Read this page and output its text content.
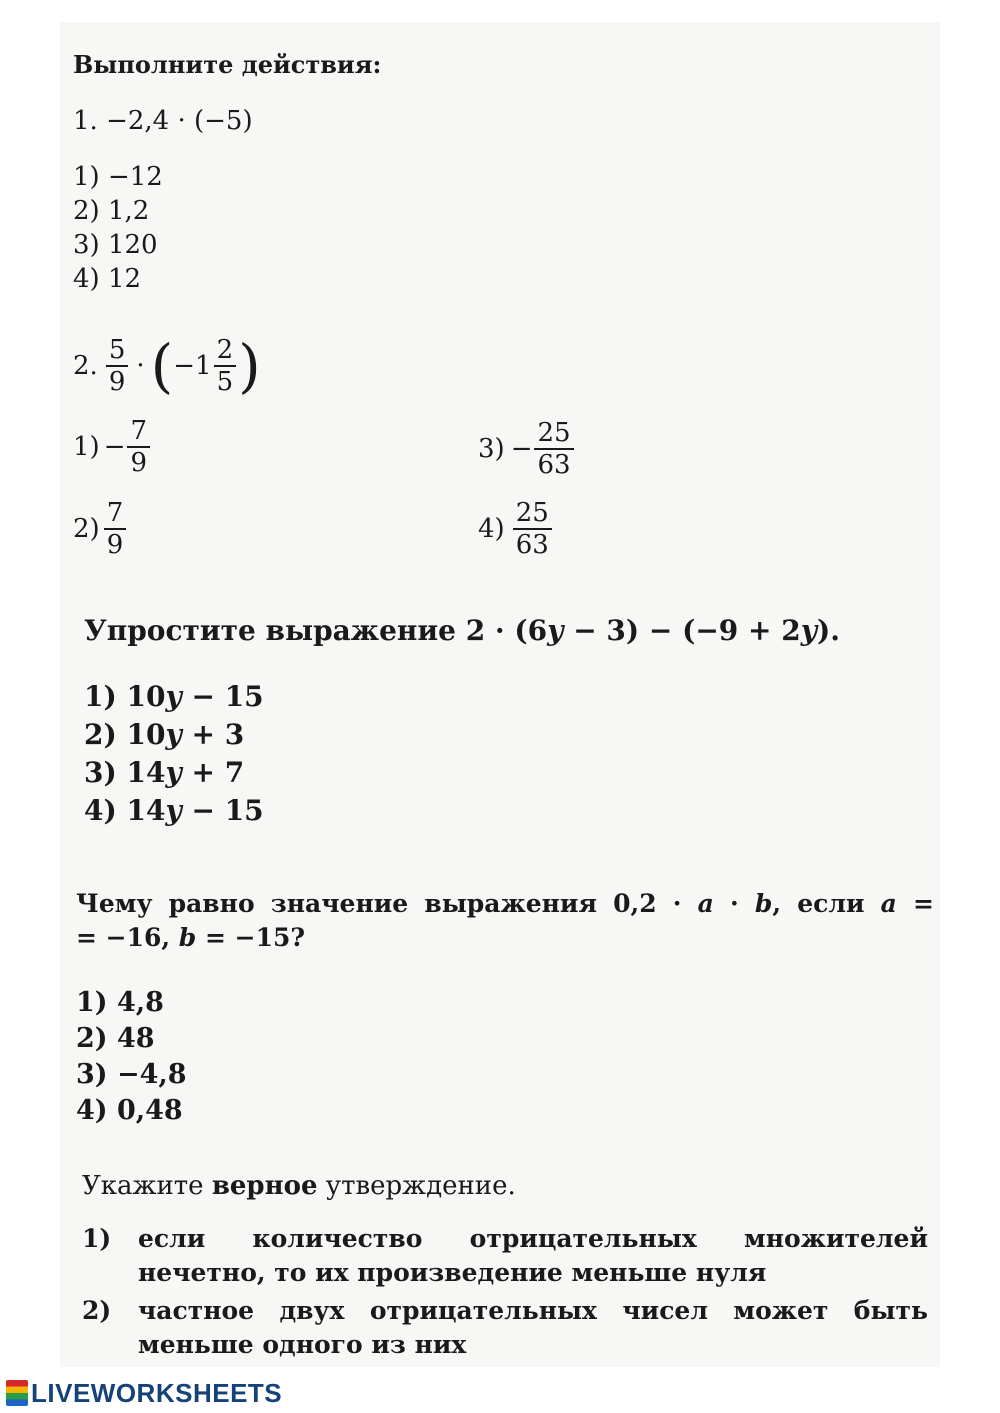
Выполните действия:
1. −2,4 · (−5)
1) −12
2) 1,2
3) 120
4) 12
2. $\frac{5}{9}$ · ( $-1 \frac{2}{5}$ )
$1) - \frac{7}{9}$
$2) \frac{7}{9}$
$3) - \frac{25}{63}$
$4) \frac{25}{63}$
Упростите выражение 2 · (6y − 3) − (−9 + 2y).
1) 10y − 15
2) 10y + 3
3) 14y + 7
4) 14y − 15
Чему равно значение выражения 0,2 · a · b, если a =
= −16, b = −15?
1) 4,8
2) 48
3) −4,8
4) 0,48
Укажите верное утверждение.
1) если количество отрицательных множителей
нечетно, то их произведение меньше нуля
2) частное двух отрицательных чисел может быть
меньше одного из них
LIVEWORKSHEETS
